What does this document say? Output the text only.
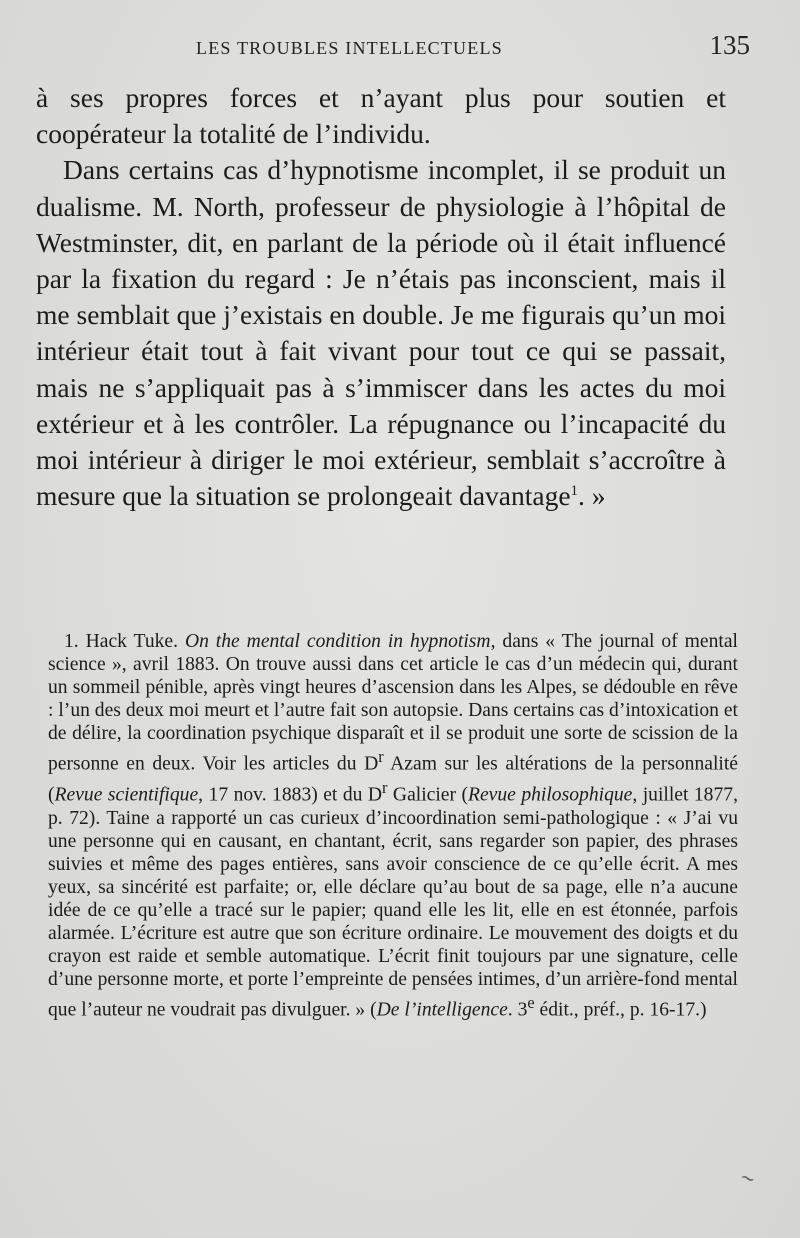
LES TROUBLES INTELLECTUELS	135

à ses propres forces et n’ayant plus pour soutien et coopérateur la totalité de l’individu.

Dans certains cas d’hypnotisme incomplet, il se produit un dualisme. M. North, professeur de physiologie à l’hôpital de Westminster, dit, en parlant de la période où il était influencé par la fixation du regard : Je n’étais pas inconscient, mais il me semblait que j’existais en double. Je me figurais qu’un moi intérieur était tout à fait vivant pour tout ce qui se passait, mais ne s’appliquait pas à s’immiscer dans les actes du moi extérieur et à les contrôler. La répugnance ou l’incapacité du moi intérieur à diriger le moi extérieur, semblait s’accroître à mesure que la situation se prolongeait davantage$^1$. »

1. Hack Tuke. On the mental condition in hypnotism, dans « The journal of mental science », avril 1883. On trouve aussi dans cet article le cas d’un médecin qui, durant un sommeil pénible, après vingt heures d’ascension dans les Alpes, se dédouble en rêve : l’un des deux moi meurt et l’autre fait son autopsie. Dans certains cas d’intoxication et de délire, la coordination psychique disparaît et il se produit une sorte de scission de la personne en deux. Voir les articles du $D^r$ Azam sur les altérations de la personnalité (Revue scientifique, 17 nov. 1883) et du $D^r$ Galicier (Revue philosophique, juillet 1877, p. 72). Taine a rapporté un cas curieux d’incoordination semi-pathologique : « J’ai vu une personne qui en causant, en chantant, écrit, sans regarder son papier, des phrases suivies et même des pages entières, sans avoir conscience de ce qu’elle écrit. A mes yeux, sa sincérité est parfaite; or, elle déclare qu’au bout de sa page, elle n’a aucune idée de ce qu’elle a tracé sur le papier; quand elle les lit, elle en est étonnée, parfois alarmée. L’écriture est autre que son écriture ordinaire. Le mouvement des doigts et du crayon est raide et semble automatique. L’écrit finit toujours par une signature, celle d’une personne morte, et porte l’empreinte de pensées intimes, d’un arrière-fond mental que l’auteur ne voudrait pas divulguer. » (De l’intelligence. 3e édit., préf., p. 16-17.)

~
